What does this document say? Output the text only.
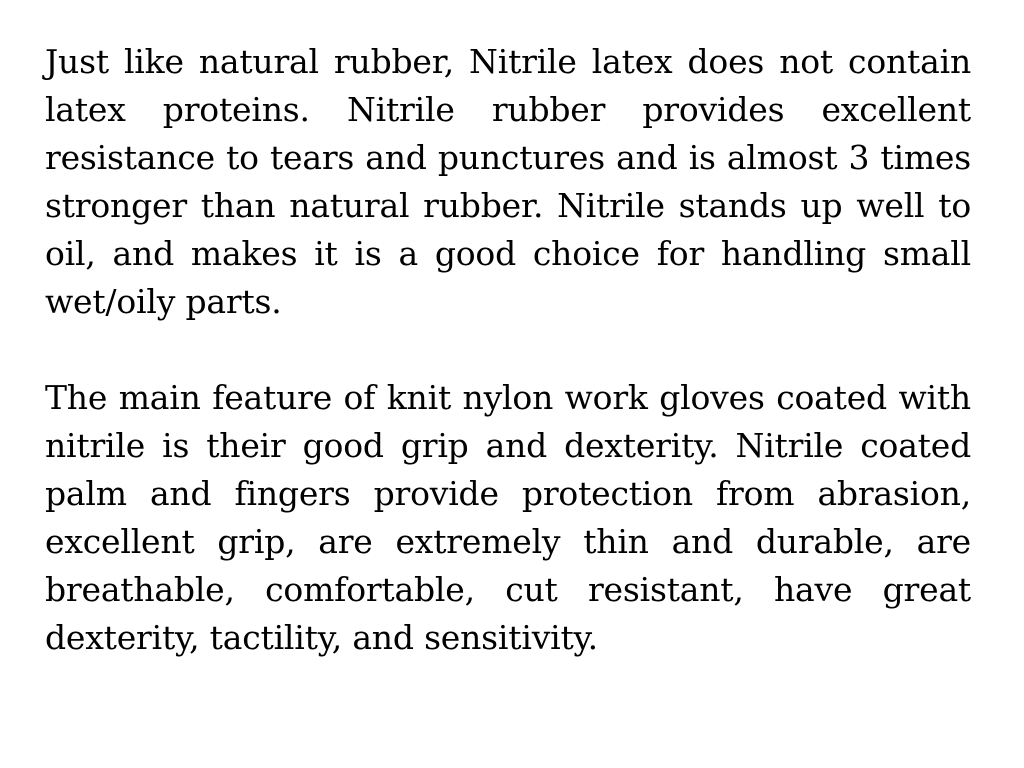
Just like natural rubber, Nitrile latex does not contain latex proteins. Nitrile rubber provides excellent resistance to tears and punctures and is almost 3 times stronger than natural rubber. Nitrile stands up well to oil, and makes it is a good choice for handling small wet/oily parts.

The main feature of knit nylon work gloves coated with nitrile is their good grip and dexterity. Nitrile coated palm and fingers provide protection from abrasion, excellent grip, are extremely thin and durable, are breathable, comfortable, cut resistant, have great dexterity, tactility, and sensitivity.
